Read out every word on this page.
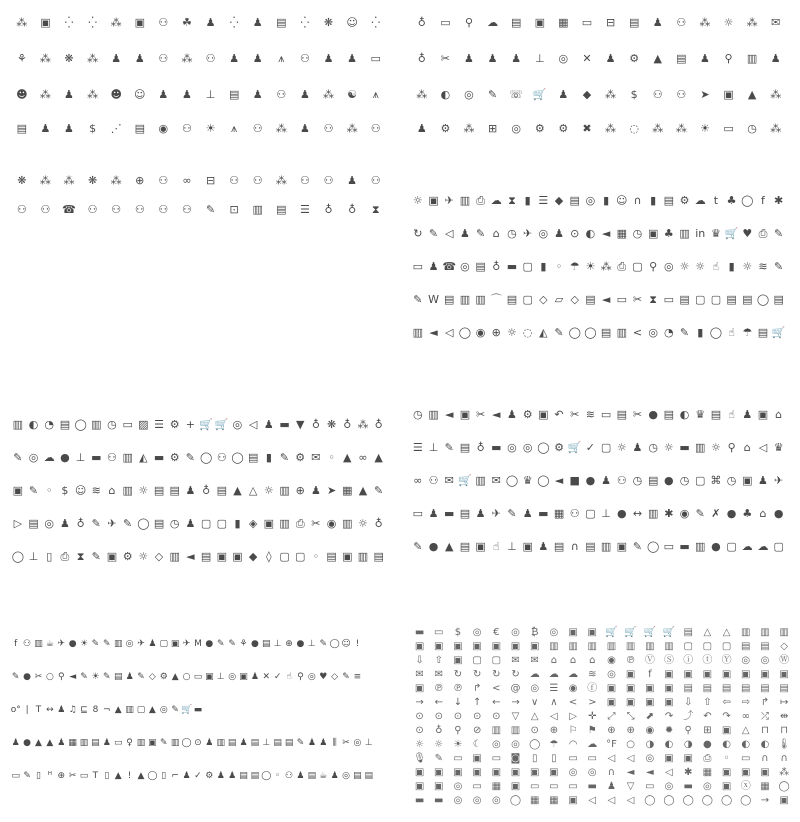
⁂	▣	⁛	⁛	⁂	▣	⚇	☘	♟	⁛	♟	▤	⁛	❋	☺	⁛
⚘	⁂	❋	⁂	♟	♟	⚇	⁂	⚇	♟	♟	⩚	⚇	♟	♟	▭
☻	⁂	♟	⁂	☻	☺	♟	♟	⊥	▤	♟	⚇	♟	⁂	☯	⩚
▤	♟	♟	$	⋰	▤	◉	⚇	☀	⩚	⚇	⁂	♟	⚇	⁂	⚇
❋	⁂	⁂	❋	⁂	⊕	⚇	∞	⊟	⚇	⚇	⁂	⚇	⚇	♟	⚇
⚇	⚇	☎	⚇	⚇	⚇	⚇	⚇	✎	⊡	▥	▤	☰	♁	♁	⧗
♁	▭	⚲	☁	▤	▣	▦	▭	⊟	▤	♟	⚇	⁂	☼	⁂	✉
♁	✂	♟	♟	♟	⊥	◎	✕	♟	⚙	▲	▤	♟	⚲	▥	♟
⁂	◐	◎	✎	☏ 🛒	♟	◆	⁂	$	⚇	⚇	➤	▣	▲	⁂
♟	⚙	⁂	⊞	◎	⚙	⚙	✖	⁂	◌	⁂	⁂	☀	▭	◷	⁂
☼ ▣ ✈ ▥ ⎙ ☁ ⧗ ▮ ☰ ◆ ▤ ◎ ▮ ☺ ∩ ▮ ▤ ⚙ ☁ t ♣ ◯ f ✱
↻ ✎ ◁ ♟ ✎ ⌂ ◷ ✈ ◎ ♟ ⊙ ◐ ◄ ▦ ◷ ▣ ♣ ▥ in ♛ 🛒 ♥ ⎙ ✎
▭ ♟ ☎ ◎ ▤ ♁ ▬ ▢ ▮ ◦ ☂ ☀ ⁂ ⎙ ▢ ⚲ ◎ ☼ ☼ ☝ ▮ ☼ ≋ ✎
✎ W ▤ ▥ ▥ ⌒ ▤ ▢ ◇ ▱ ◇ ▤ ◄ ▭ ✂ ⧗ ▭ ▤ ▢ ▢ ▤ ▤ ◯ ▤
▥ ◄ ◁ ◯ ◉ ⊕ ☼ ◌ ◭ ✎ ◯ ◯ ▤ ▥ < ◎ ◔ ✎ ▮ ◯ ☝ ☂ ▤ 🛒
▥ ◐ ◔ ▤ ◯ ▥ ◷ ▭ ▨ ☰ ⚙ + 🛒 🛒 ◎ ◁ ♟ ▬ ▼ ♁ ❋ ♁ ⁂ ♁
✎ ◎ ☁ ● ⊥ ▬ ⚇ ▥ ◭ ▬ ⚙ ✎ ◯ ⚇ ◯ ▤ ▮ ✎ ⚙ ✉ ◦ ▲ ∞ ▲
▣ ✎ ◦ $ ☺ ≋ ⌂ ▥ ☼ ▤ ▤ ♟ ♁ ▤ ▲ △ ☼ ▥ ⊕ ♟ ➤ ▦ ▲ ✎
▷ ▤ ◎ ♟ ♁ ✎ ✈ ✎ ◯ ▤ ◷ ♟ ▢ ▢ ▮ ◈ ▣ ▥ ⎙ ✂ ◉ ▥ ☼ ♁
◯ ⊥ ▯ ⎙ ⧗ ✎ ▣ ⚙ ☼ ◇ ▥ ◄ ▤ ▣ ▣ ◆ ◊ ▢ ▢ ◦ ▤ ▣ ▥ ▤
◷ ▥ ◄ ▣ ✂ ◄ ♟ ⚙ ▣ ↶ ✂ ≋ ▭ ▤ ✂ ● ▤ ◐ ♛ ▤ ☝ ♟ ▣ ⌂
☰ ⊥ ✎ ▤ ♁ ▬ ◎ ◎ ◯ ⚙ 🛒 ✓ ▢ ☼ ♟ ◷ ☼ ▬ ▥ ☼ ⚲ ⌂ ◁ ♛
∞ ⚇ ✉ 🛒 ▥ ✉ ◯ ♛ ◯ ◄ ■ ● ♟ ⚇ ◷ ▤ ● ◷ ▢ ⌘ ◷ ▣ ♟ ✈
▭ ♟ ▬ ▤ ♟ ✈ ✎ ♟ ▬ ▦ ⚇ ▢ ⊥ ● ↔ ▥ ✱ ◉ ✎ ✗ ● ♣ ⌂ ●
✎ ● ▲ ▤ ▣ ☝ ⊥ ▣ ♟ ▤ ∩ ▤ ▥ ▣ ✎ ◯ ▭ ▬ ▥ ● ▢ ☁ ☁ ▢
f ⚇ ▥ ☕ ✈ ● ☀ ✎ ✎ ▥ ◎ ✈ ♟ ▢ ▣ ✈ M ● ✎ ✎ ⚘ ● ▤ ⊥ ⊕ ● ⊥ ✎ ◯ ☺ !
✎ ● ✂ ○ ⚲ ◄ ✎ ☀ ✎ ▤ ♟ ✎ ◇ ⚙ ▲ ○ ▭ ▣ ⊥ ◎ ▣ ♟ ✕ ✓ ☝ ⚲ ◎ ♥ ◇ ✎ ≡
o° | T ↔ ♟ ♫ ⊑ 8 ¬ ▲ ▥ ▢ ▲ ◎ ✎ 🛒 ▬
♟ ● ▲ ▲ ♟ ▦ ▥ ▤ ♟ ▭ ♀ ▥ ▣ ✎ ▥ ◯ ⊙ ♟ ▥ ▤ ♟ ▤ ⊥ ▤ ▤ ✎ ♟ ♟ ⫼ ✂ ◎ ⊥
▭ ✎ ▯ ᴴ ⊕ ✂ ▭ T ▯ ▲ ! ▲ ◯ ▯ ⌐ ♟ ✓ ⚙ ♟ ♟ ▤ ▤ ◯ ◦ ⚇ ♟ ▤ ☕ ♟ ◎ ▤ ▤
▬ ▭	$	◎	€	◎	₿	◎	▣ ▣ 🛒 🛒 🛒 🛒 ▤	△	△	▥ ▥ ▥
▣ ▣ ▣ ▣ ▣ ▣ ▣ ▥ ▥ ▥ ▥ ▥ ▥ ▥ ▢ ▢ ▢ ▤ ▤	◇
⇩	⇧	▣ ▢ ▢	✉	✉	⌂	⌂	⌂	◉ ℗ Ⓥ Ⓢ ⓘ ⓣ Ⓨ ◎	◎ Ⓦ
✉	✉	↻	↻	↻	↻	☁ ☁ ☁ ≋	◎	▣	f	▣ ▣ ▣ ▣ ▣ ▣ ▣
▣ ℗ ℗ ↱	<	@ ◎	☰	◉ ⓕ ▣ ▣ ▣ ▣ ▤ ▤ ▤ ▤ ▤ ▤
→	←	↓	↑	←	→	∨	∧	<	>	▣ ▣ ▣ ▣	⇩	⇧	⇦	⇨	↱	↦
⊙	⊙	⊙	⊙	⊙	▽	△	◁	▷	✛	⤢	⤡	⬈	↷	⤴ ↶	↷	∞	⤮	⇹
⊙	♁	⚲	⊘	▥ ▥	⊙	⊕	⚐	⚑	⊕	⊕	◉	✹	⚲	⊞	▣	△	⊓	⊓
☼	☼	☀	☾	◎	◎ ◯ ☂	◠ ☁ °F ○	◑	◐	◑	●	◐	◐	◐ 🌡
🎙 ✎	▭ ▣ ▭ ◙	▯	▯	▭ ▭	◁	◁	◎	▣ ▣	⎙	◦	▭	∩	∩
▣ ▣ ▣ ▣ ▣ ▣ ▣ ▣	◎	◎	∩	◄	◄	◁	✱	▦ ▣ ▣ ▣ ⁂
▣ ▣	◎	▭ ▦ ▣ ▭ ▭ ▭ ▬ ♟	▽	▭	◎	▬	◎	▣ ⓧ ▦ ◯
▬ ▬	◎	◎	◎ ◯ ▦ ▦ ▣	◁	◁	◁ ◯ ◯ ◯ ◯ ◯ ◯ →	▣
